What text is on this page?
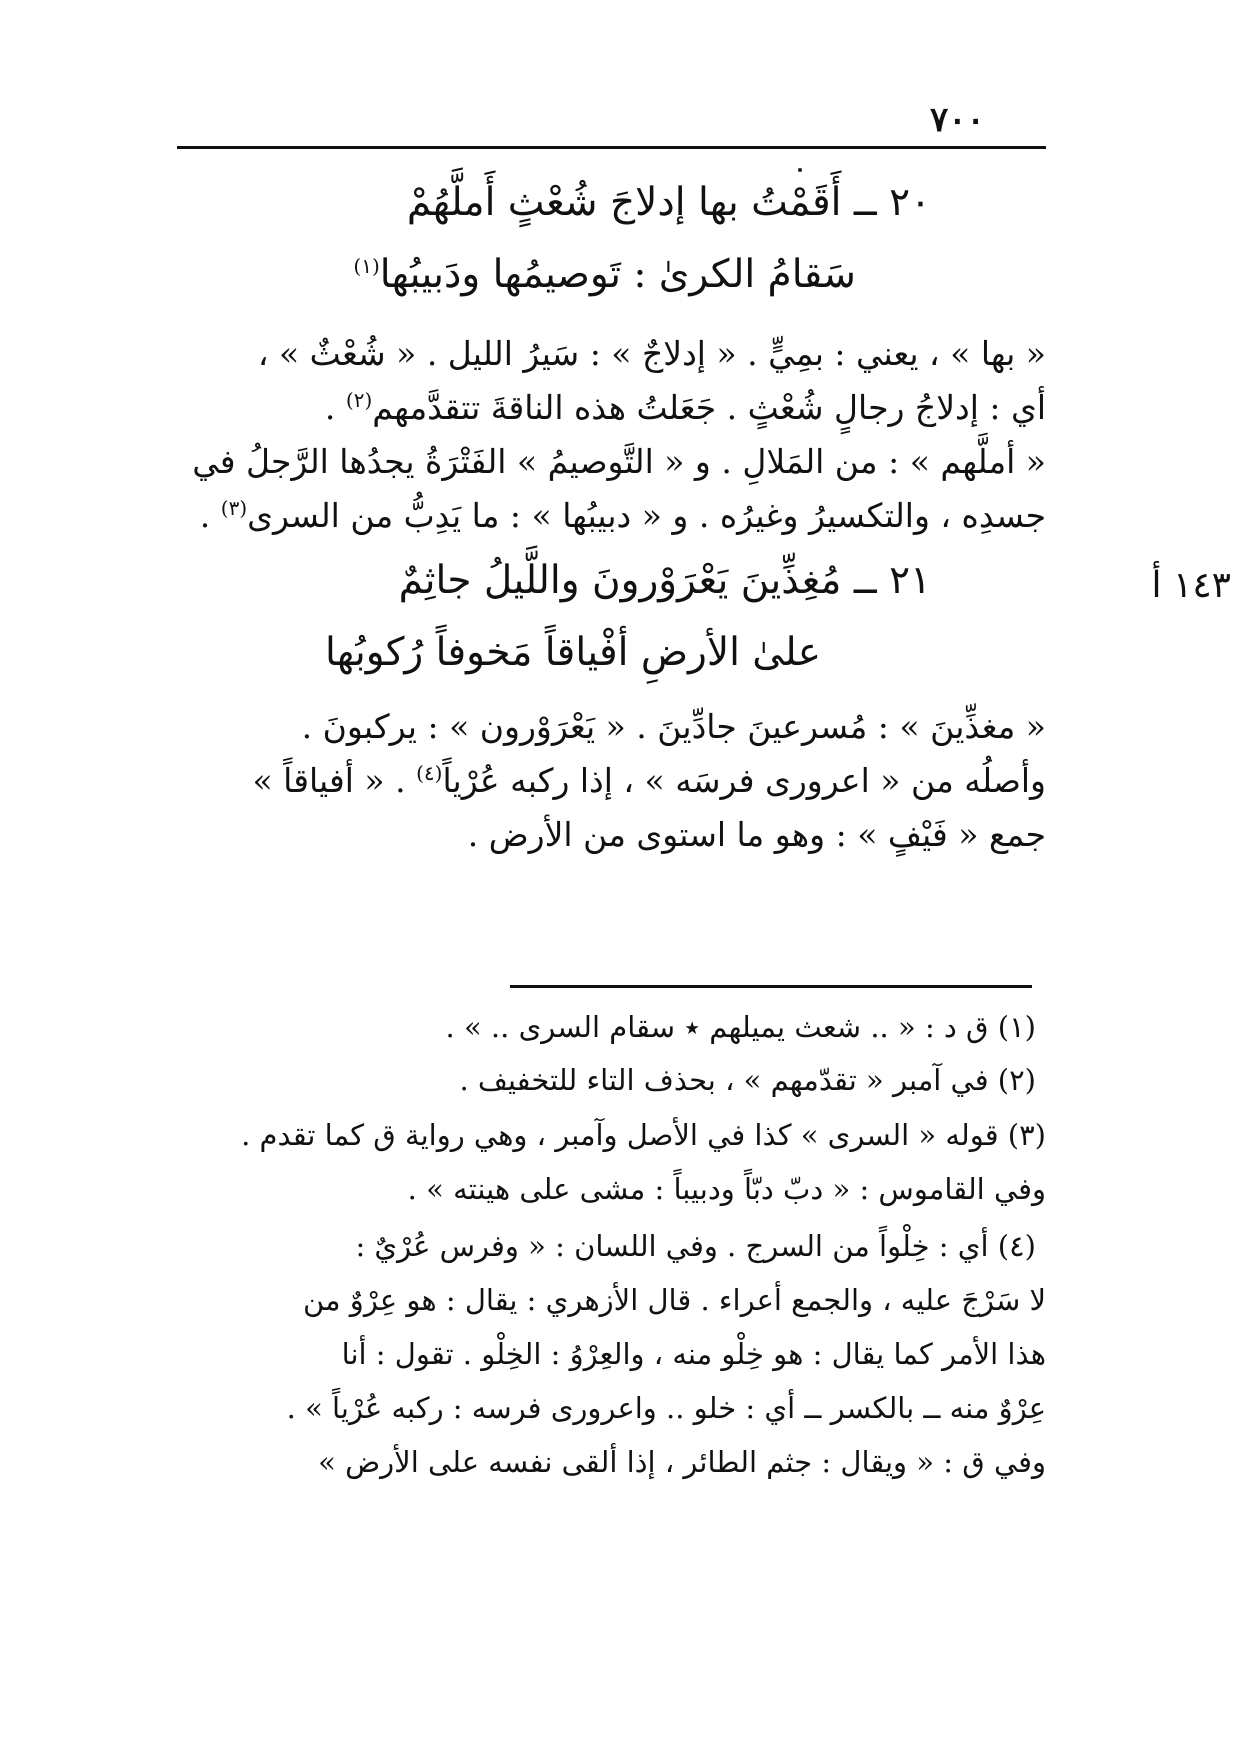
٧٠٠
٢٠ ــ أَقَمْتُ بها إدلاجَ شُعْثٍ أَملَّهُمْ
سَقامُ الكرىٰ : تَوصيمُها ودَبيبُها$^{(١)}$
« بها » ، يعني : بمِيٍّ . « إدلاجٌ » : سَيرُ الليل . « شُعْثٌ » ،
أي : إدلاجُ رجالٍ شُعْثٍ . جَعَلتُ هذه الناقةَ تتقدَّمهم$^{(٢)}$ .
« أملَّهم » : من المَلالِ . و « التَّوصيمُ » الفَتْرَةُ يجدُها الرَّجلُ في
جسدِه ، والتكسيرُ وغيرُه . و « دبيبُها » : ما يَدِبُّ من السرى$^{(٣)}$ .
١٤٣ أ
٢١ ــ مُغِذِّينَ يَعْرَوْرونَ واللَّيلُ جاثِمٌ
علىٰ الأرضِ أفْياقاً مَخوفاً رُكوبُها
« مغذِّينَ » : مُسرعينَ جادِّينَ . « يَعْرَوْرون » : يركبونَ .
وأصلُه من « اعرورى فرسَه » ، إذا ركبه عُرْياً$^{(٤)}$ . « أفياقاً »
جمع « فَيْفٍ » : وهو ما استوى من الأرض .
(١) ق د : « .. شعث يميلهم ٭ سقام السرى .. » .
(٢) في آمبر « تقدّمهم » ، بحذف التاء للتخفيف .
(٣) قوله « السرى » كذا في الأصل وآمبر ، وهي رواية ق كما تقدم .
وفي القاموس : « دبّ دبّاً ودبيباً : مشى على هينته » .
(٤) أي : خِلْواً من السرج . وفي اللسان : « وفرس عُرْيٌ :
لا سَرْجَ عليه ، والجمع أعراء . قال الأزهري : يقال : هو عِرْوٌ من
هذا الأمر كما يقال : هو خِلْو منه ، والعِرْوُ : الخِلْو . تقول : أنا
عِرْوٌ منه ــ بالكسر ــ أي : خلو .. واعرورى فرسه : ركبه عُرْياً » .
وفي ق : « ويقال : جثم الطائر ، إذا ألقى نفسه على الأرض »
